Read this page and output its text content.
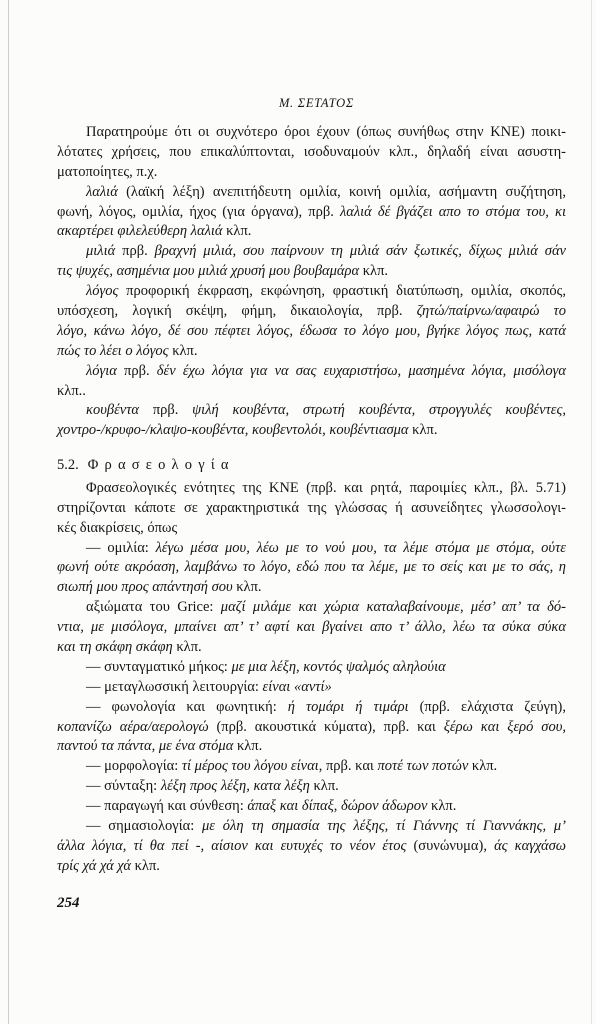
Μ. ΣΕΤΑΤΟΣ
Παρατηρούμε ότι οι συχνότερο όροι έχουν (όπως συνήθως στην ΚΝΕ) ποικι-
λότατες χρήσεις, που επικαλύπτονται, ισοδυναμούν κλπ., δηλαδή είναι ασυστη-
ματοποίητες, π.χ.
λαλιά (λαϊκή λέξη) ανεπιτήδευτη ομιλία, κοινή ομιλία, ασήμαντη συζήτηση,
φωνή, λόγος, ομιλία, ήχος (για όργανα), πρβ. λαλιά δέ βγάζει απο το στόμα του, κι
ακαρτέρει φιλελεύθερη λαλιά κλπ.
μιλιά πρβ. βραχνή μιλιά, σου παίρνουν τη μιλιά σάν ξωτικές, δίχως μιλιά σάν
τις ψυχές, ασημένια μου μιλιά χρυσή μου βουβαμάρα κλπ.
λόγος προφορική έκφραση, εκφώνηση, φραστική διατύπωση, ομιλία, σκοπός,
υπόσχεση, λογική σκέψη, φήμη, δικαιολογία, πρβ. ζητώ/παίρνω/αφαιρώ το
λόγο, κάνω λόγο, δέ σου πέφτει λόγος, έδωσα το λόγο μου, βγήκε λόγος πως, κατά
πώς το λέει ο λόγος κλπ.
λόγια πρβ. δέν έχω λόγια για να σας ευχαριστήσω, μασημένα λόγια, μισόλογα
κλπ..
κουβέντα πρβ. ψιλή κουβέντα, στρωτή κουβέντα, στρογγυλές κουβέντες,
χοντρο-/κρυφο-/κλαψο-κουβέντα, κουβεντολόι, κουβέντιασμα κλπ.
5.2. Φρασεολογία
Φρασεολογικές ενότητες της ΚΝΕ (πρβ. και ρητά, παροιμίες κλπ., βλ. 5.71)
στηρίζονται κάποτε σε χαρακτηριστικά της γλώσσας ή ασυνείδητες γλωσσολογι-
κές διακρίσεις, όπως
— ομιλία: λέγω μέσα μου, λέω με το νού μου, τα λέμε στόμα με στόμα, ούτε
φωνή ούτε ακρόαση, λαμβάνω το λόγο, εδώ που τα λέμε, με το σείς και με το σάς, η
σιωπή μου προς απάντησή σου κλπ.
αξιώματα του Grice: μαζί μιλάμε και χώρια καταλαβαίνουμε, μέσ’ απ’ τα δό-
ντια, με μισόλογα, μπαίνει απ’ τ’ αφτί και βγαίνει απο τ’ άλλο, λέω τα σύκα σύκα
και τη σκάφη σκάφη κλπ.
— συνταγματικό μήκος: με μια λέξη, κοντός ψαλμός αληλούια
— μεταγλωσσική λειτουργία: είναι «αντί»
— φωνολογία και φωνητική: ή τομάρι ή τιμάρι (πρβ. ελάχιστα ζεύγη),
κοπανίζω αέρα/αερολογώ (πρβ. ακουστικά κύματα), πρβ. και ξέρω και ξερό σου,
παντού τα πάντα, με ένα στόμα κλπ.
— μορφολογία: τί μέρος του λόγου είναι, πρβ. και ποτέ των ποτών κλπ.
— σύνταξη: λέξη προς λέξη, κατα λέξη κλπ.
— παραγωγή και σύνθεση: άπαξ και δίπαξ, δώρον άδωρον κλπ.
— σημασιολογία: με όλη τη σημασία της λέξης, τί Γιάννης τί Γιαννάκης, μ’
άλλα λόγια, τί θα πεί -, αίσιον και ευτυχές το νέον έτος (συνώνυμα), άς καγχάσω
τρίς χά χά χά κλπ.
254
